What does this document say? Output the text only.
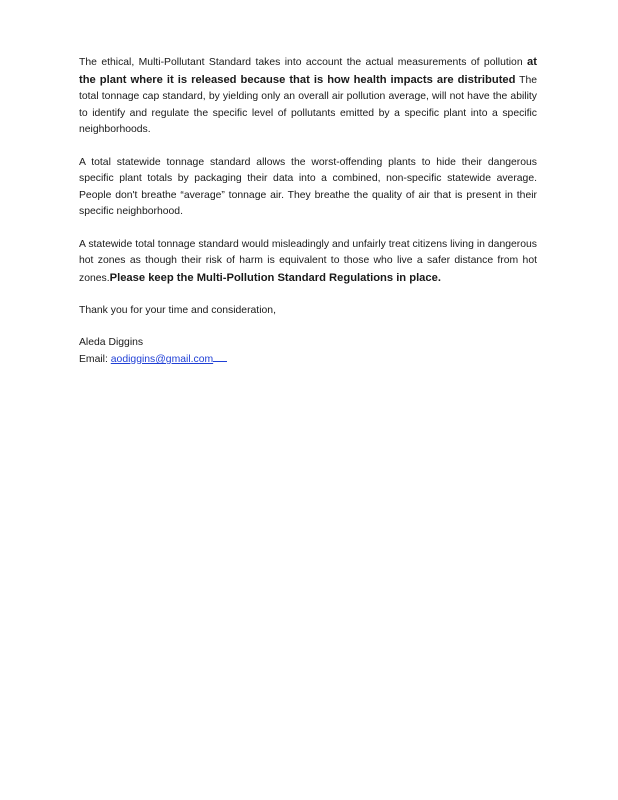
The ethical, Multi-Pollutant Standard takes into account the actual measurements of pollution at the plant where it is released because that is how health impacts are distributed The total tonnage cap standard, by yielding only an overall air pollution average, will not have the ability to identify and regulate the specific level of pollutants emitted by a specific plant into a specific neighborhoods.

A total statewide tonnage standard allows the worst-offending plants to hide their dangerous specific plant totals by packaging their data into a combined, non-specific statewide average. People don't breathe “average” tonnage air. They breathe the quality of air that is present in their specific neighborhood.

A statewide total tonnage standard would misleadingly and unfairly treat citizens living in dangerous hot zones as though their risk of harm is equivalent to those who live a safer distance from hot zones.Please keep the Multi-Pollution Standard Regulations in place.

Thank you for your time and consideration,

Aleda Diggins
Email: aodiggins@gmail.com
